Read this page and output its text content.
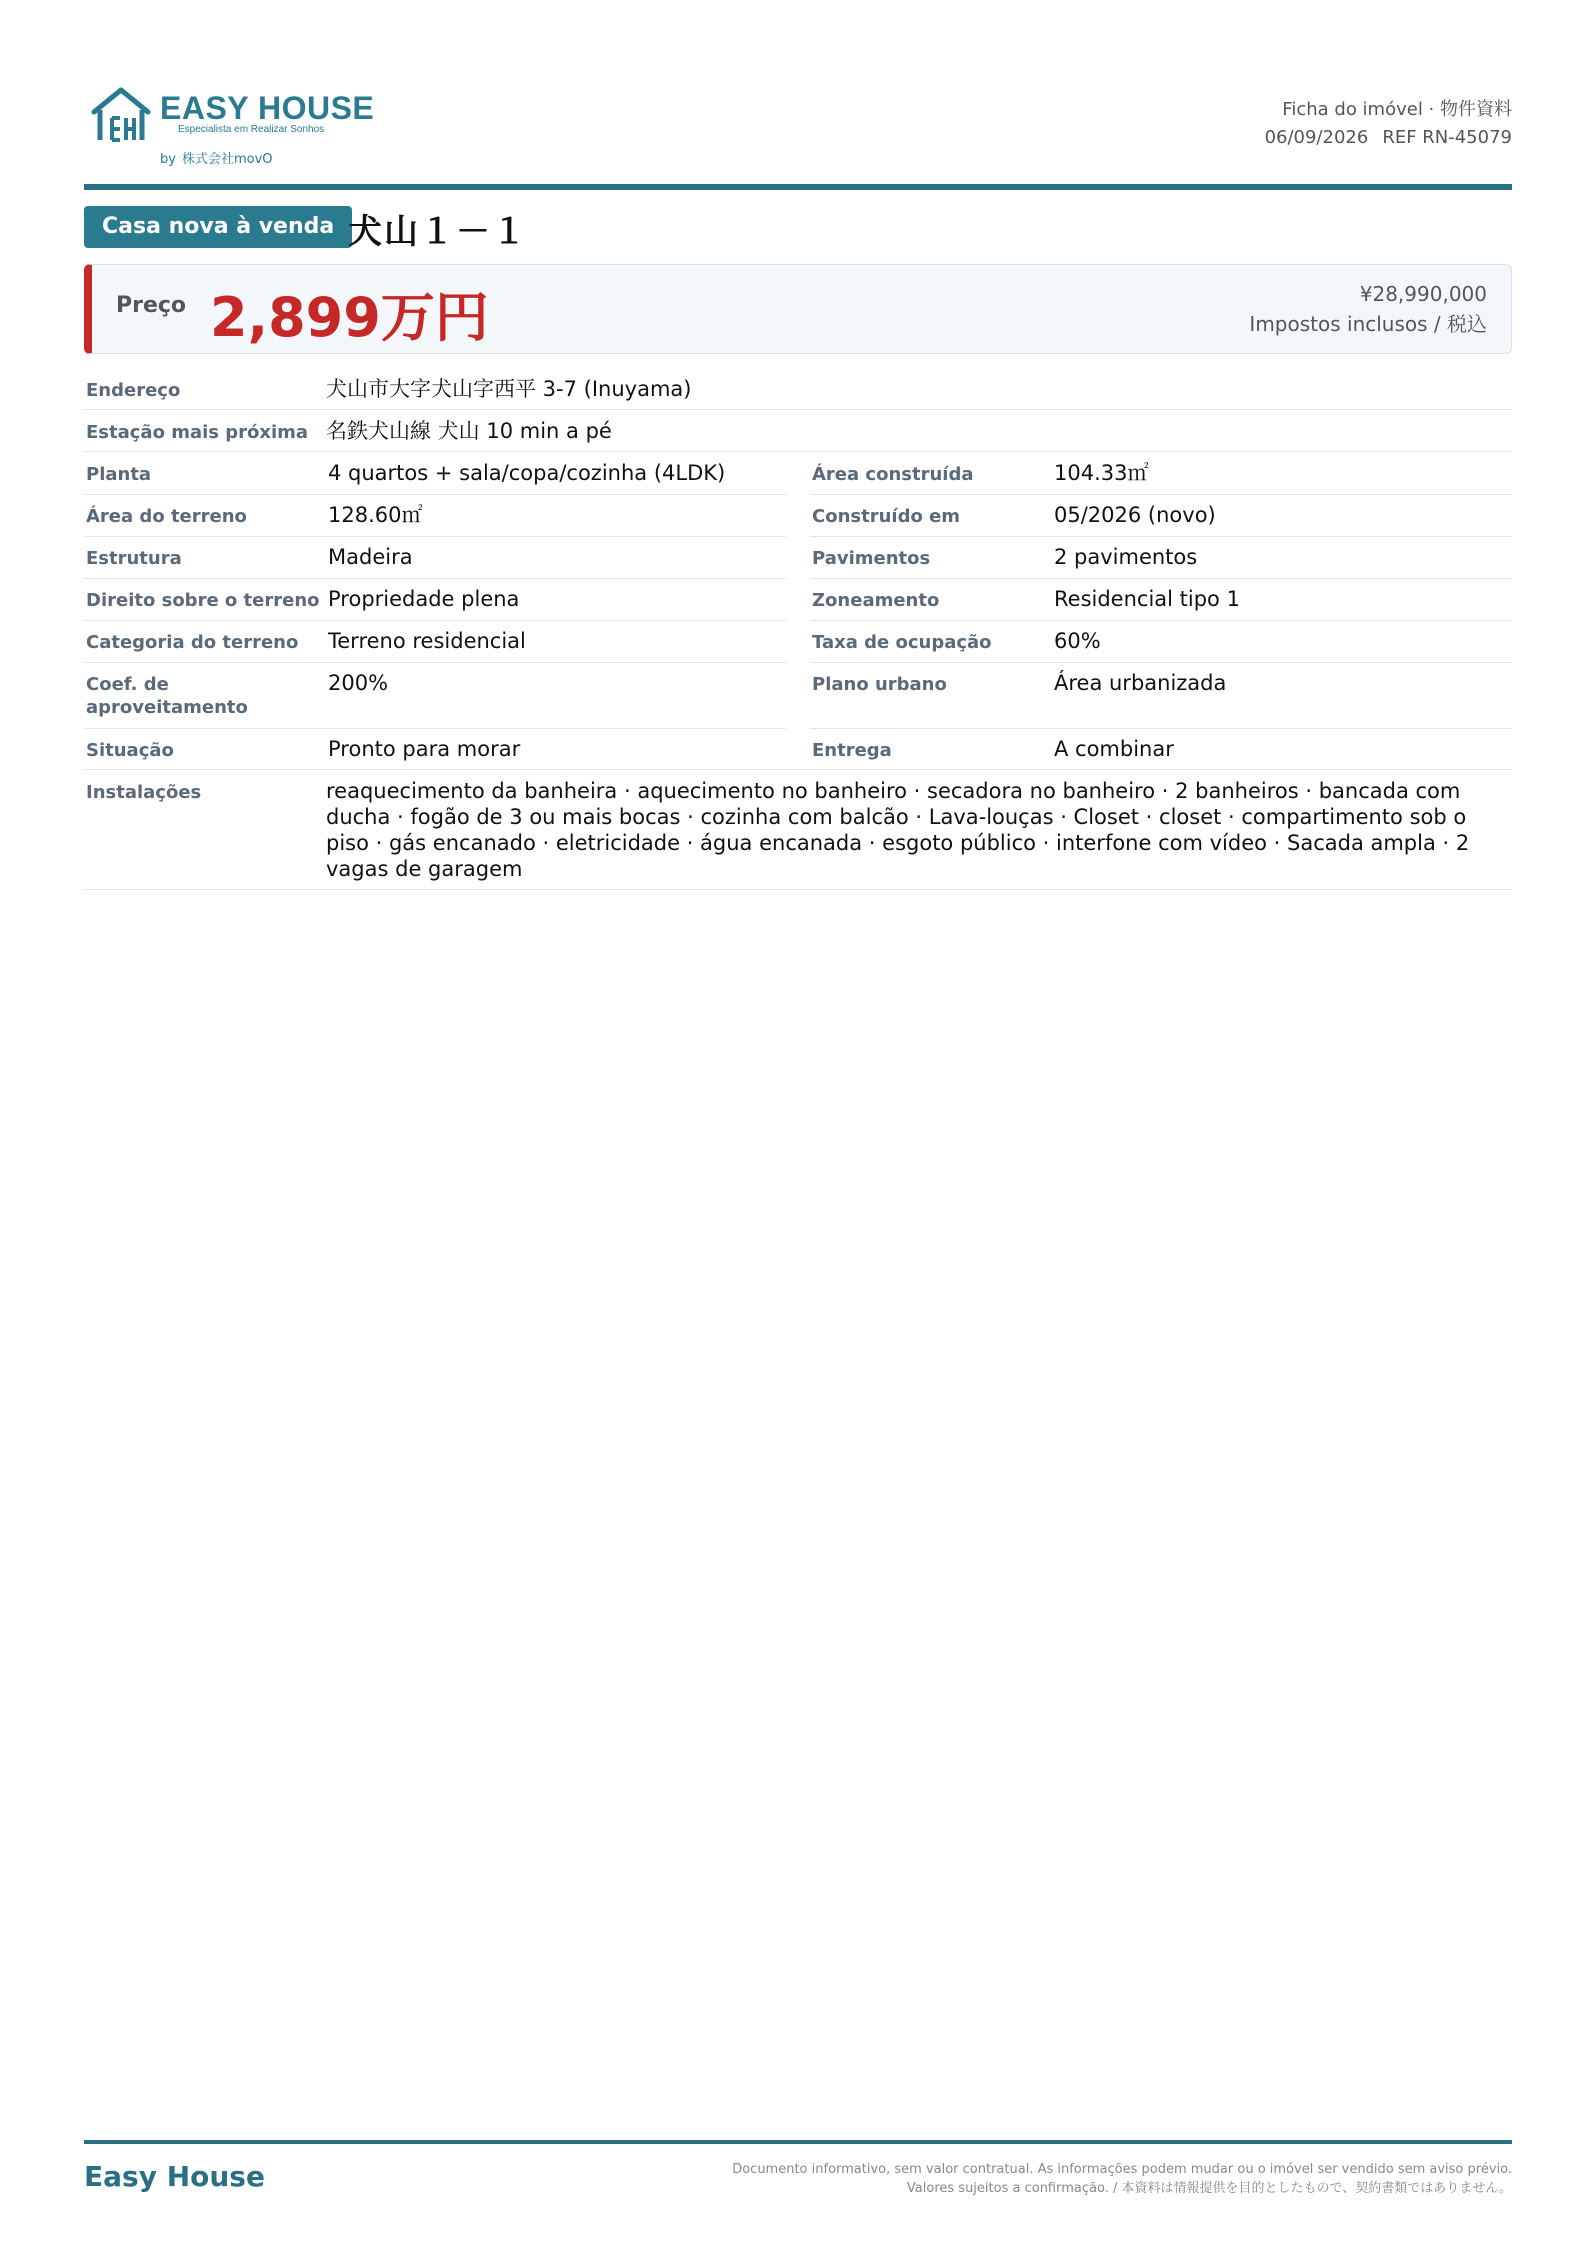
EASY HOUSE
Especialista em Realizar Sonhos
by 株式会社movO
Ficha do imóvel · 物件資料
06/09/2026 REF RN-45079
Casa nova à venda 犬山１－１
Preço 2,899万円	¥28,990,000
Impostos inclusos / 税込
Endereço	犬山市大字犬山字西平 3-7 (Inuyama)
Estação mais próxima 名鉄犬山線 犬山 10 min a pé
Planta	4 quartos + sala/copa/cozinha (4LDK)	Área construída	104.33㎡
Área do terreno	128.60㎡	Construído em	05/2026 (novo)
Estrutura	Madeira	Pavimentos	2 pavimentos
Direito sobre o terreno Propriedade plena	Zoneamento	Residencial tipo 1
Categoria do terreno Terreno residencial	Taxa de ocupação	60%
Coef. de
aproveitamento
200%	Plano urbano	Área urbanizada
Situação	Pronto para morar	Entrega	A combinar
Instalações	reaquecimento da banheira · aquecimento no banheiro · secadora no banheiro · 2 banheiros · bancada com ducha · fogão de 3 ou mais bocas · cozinha com balcão · Lava-louças · Closet · closet · compartimento sob o piso · gás encanado · eletricidade · água encanada · esgoto público · interfone com vídeo · Sacada ampla · 2 vagas de garagem
Easy House	Documento informativo, sem valor contratual. As informações podem mudar ou o imóvel ser vendido sem aviso prévio. Valores sujeitos a confirmação. / 本資料は情報提供を目的としたもので、契約書類ではありません。
